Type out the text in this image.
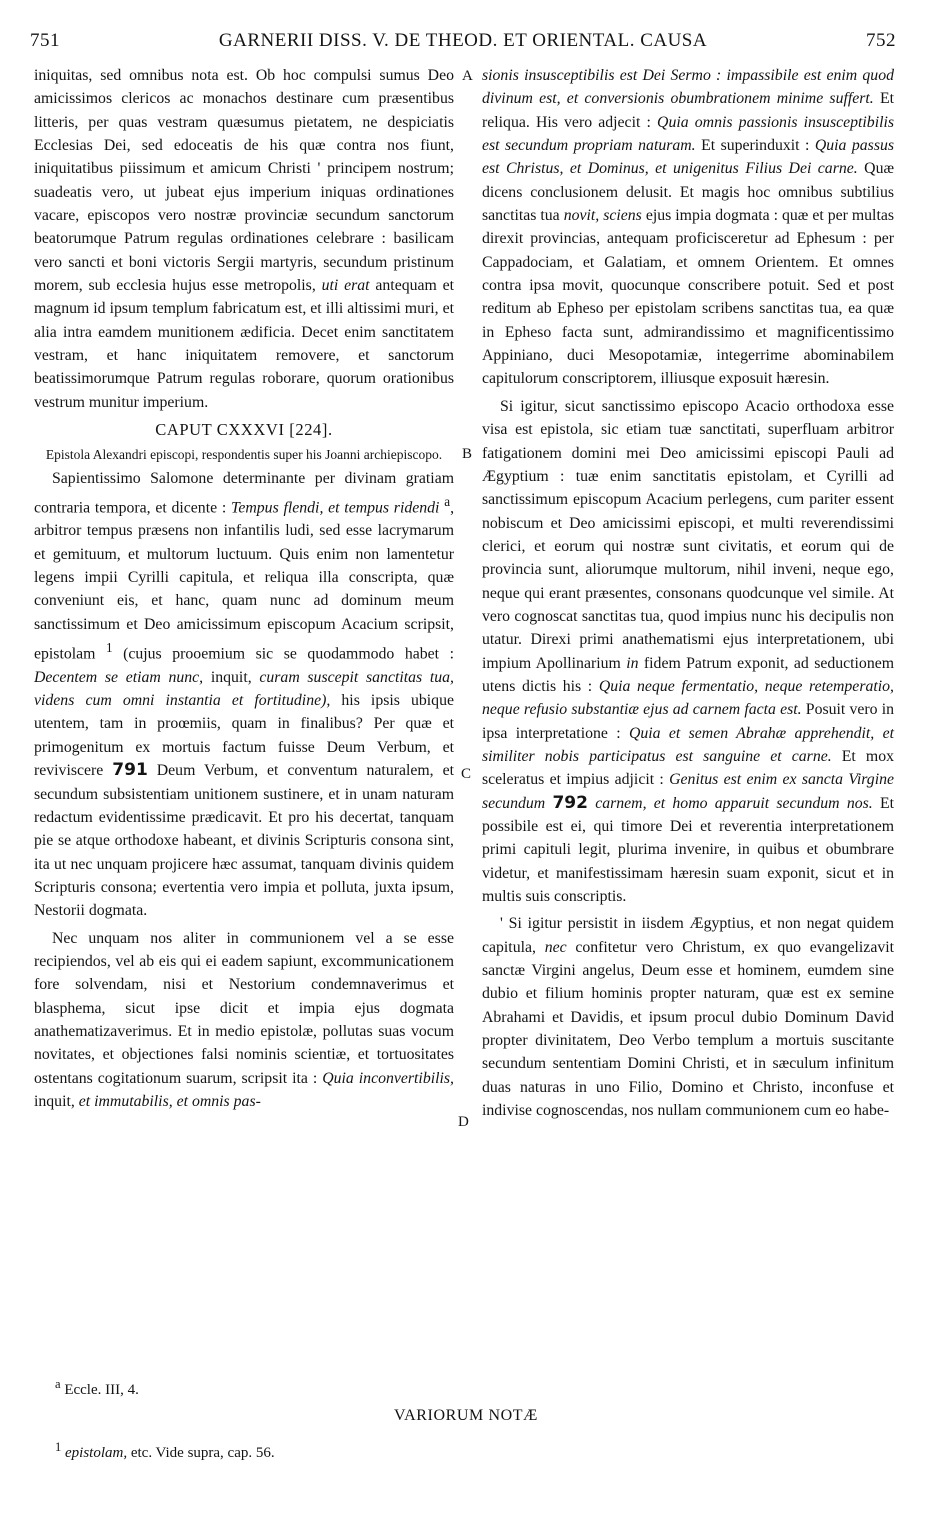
751	GARNERII DISS. V. DE THEOD. ET ORIENTAL. CAUSA	752
A
B
C
D

iniquitas, sed omnibus nota est. Ob hoc compulsi sumus Deo amicissimos clericos ac monachos destinare cum præsentibus litteris, per quas vestram quæsumus pietatem, ne despiciatis Ecclesias Dei, sed edoceatis de his quæ contra nos fiunt, iniquitatibus piissimum et amicum Christi ' principem nostrum; suadeatis vero, ut jubeat ejus imperium iniquas ordinationes vacare, episcopos vero nostræ provinciæ secundum sanctorum beatorumque Patrum regulas ordinationes celebrare : basilicam vero sancti et boni victoris Sergii martyris, secundum pristinum morem, sub ecclesia hujus esse metropolis, uti erat antequam et magnum id ipsum templum fabricatum est, et illi altissimi muri, et alia intra eamdem munitionem ædificia. Decet enim sanctitatem vestram, et hanc iniquitatem removere, et sanctorum beatissimorumque Patrum regulas roborare, quorum orationibus vestrum munitur imperium.

CAPUT CXXXVI [224].

Epistola Alexandri episcopi, respondentis super his Joanni archiepiscopo.

Sapientissimo Salomone determinante per divinam gratiam contraria tempora, et dicente : Tempus flendi, et tempus ridendi $^a$, arbitror tempus præsens non infantilis ludi, sed esse lacrymarum et gemituum, et multorum luctuum. Quis enim non lamentetur legens impii Cyrilli capitula, et reliqua illa conscripta, quæ conveniunt eis, et hanc, quam nunc ad dominum meum sanctissimum et Deo amicissimum episcopum Acacium scripsit, epistolam $^1$ (cujus prooemium sic se quodammodo habet : Decentem se etiam nunc, inquit, curam suscepit sanctitas tua, videns cum omni instantia et fortitudine), his ipsis ubique utentem, tam in proœmiis, quam in finalibus? Per quæ et primogenitum ex mortuis factum fuisse Deum Verbum, et reviviscere 791 Deum Verbum, et conventum naturalem, et secundum subsistentiam unitionem sustinere, et in unam naturam redactum evidentissime prædicavit. Et pro his decertat, tanquam pie se atque orthodoxe habeant, et divinis Scripturis consona sint, ita ut nec unquam projicere hæc assumat, tanquam divinis quidem Scripturis consona; evertentia vero impia et polluta, juxta ipsum, Nestorii dogmata.

Nec unquam nos aliter in communionem vel a se esse recipiendos, vel ab eis qui ei eadem sapiunt, excommunicationem fore solvendam, nisi et Nestorium condemnaverimus et blasphema, sicut ipse dicit et impia ejus dogmata anathematizaverimus. Et in medio epistolæ, pollutas suas vocum novitates, et objectiones falsi nominis scientiæ, et tortuositates ostentans cogitationum suarum, scripsit ita : Quia inconvertibilis, inquit, et immutabilis, et omnis pas-

sionis insusceptibilis est Dei Sermo : impassibile est enim quod divinum est, et conversionis obumbrationem minime suffert. Et reliqua. His vero adjecit : Quia omnis passionis insusceptibilis est secundum propriam naturam. Et superinduxit : Quia passus est Christus, et Dominus, et unigenitus Filius Dei carne. Quæ dicens conclusionem delusit. Et magis hoc omnibus subtilius sanctitas tua novit, sciens ejus impia dogmata : quæ et per multas direxit provincias, antequam proficisceretur ad Ephesum : per Cappadociam, et Galatiam, et omnem Orientem. Et omnes contra ipsa movit, quocunque conscribere potuit. Sed et post reditum ab Epheso per epistolam scribens sanctitas tua, ea quæ in Epheso facta sunt, admirandissimo et magnificentissimo Appiniano, duci Mesopotamiæ, integerrime abominabilem capitulorum conscriptorem, illiusque exposuit hæresin.

Si igitur, sicut sanctissimo episcopo Acacio orthodoxa esse visa est epistola, sic etiam tuæ sanctitati, superfluam arbitror fatigationem domini mei Deo amicissimi episcopi Pauli ad Ægyptium : tuæ enim sanctitatis epistolam, et Cyrilli ad sanctissimum episcopum Acacium perlegens, cum pariter essent nobiscum et Deo amicissimi episcopi, et multi reverendissimi clerici, et eorum qui nostræ sunt civitatis, et eorum qui de provincia sunt, aliorumque multorum, nihil inveni, neque ego, neque qui erant præsentes, consonans quodcunque vel simile. At vero cognoscat sanctitas tua, quod impius nunc his decipulis non utatur. Direxi primi anathematismi ejus interpretationem, ubi impium Apollinarium in fidem Patrum exponit, ad seductionem utens dictis his : Quia neque fermentatio, neque retemperatio, neque refusio substantiæ ejus ad carnem facta est. Posuit vero in ipsa interpretatione : Quia et semen Abrahæ apprehendit, et similiter nobis participatus est sanguine et carne. Et mox sceleratus et impius adjicit : Genitus est enim ex sancta Virgine secundum 792 carnem, et homo apparuit secundum nos. Et possibile est ei, qui timore Dei et reverentia interpretationem primi capituli legit, plurima invenire, in quibus et obumbrare videtur, et manifestissimam hæresin suam exponit, sicut et in multis suis conscriptis.

' Si igitur persistit in iisdem Ægyptius, et non negat quidem capitula, nec confitetur vero Christum, ex quo evangelizavit sanctæ Virgini angelus, Deum esse et hominem, eumdem sine dubio et filium hominis propter naturam, quæ est ex semine Abrahami et Davidis, et ipsum procul dubio Dominum David propter divinitatem, Deo Verbo templum a mortuis suscitante secundum sententiam Domini Christi, et in sæculum infinitum duas naturas in uno Filio, Domino et Christo, inconfuse et indivise cognoscendas, nos nullam communionem cum eo habe-

$^a$ Eccle. III, 4.
VARIORUM NOTÆ
$^1$ epistolam, etc. Vide supra, cap. 56.
